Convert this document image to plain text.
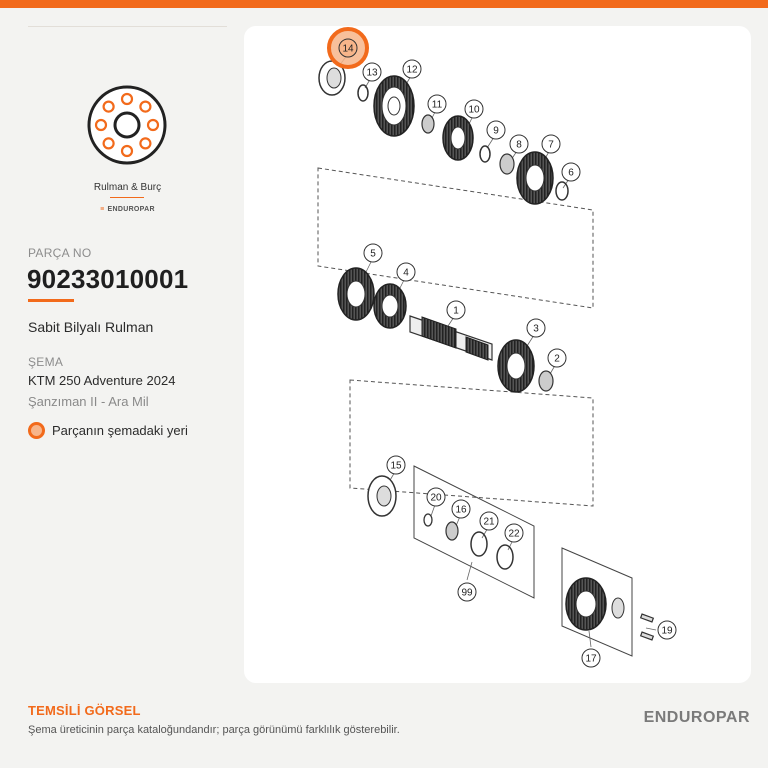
Rulman & Burç
≡ ENDUROPAR
PARÇA NO
90233010001
Sabit Bilyalı Rulman
ŞEMA
KTM 250 Adventure 2024
Şanzıman II - Ara Mil
Parçanın şemadaki yeri
14
13	12
11	10
9
8	7
6
5
4
1
3
2
15
20
16
21
22
99
19
17
TEMSİLİ GÖRSEL
Şema üreticinin parça kataloğundandır; parça görünümü farklılık gösterebilir.
ENDUROPAR
